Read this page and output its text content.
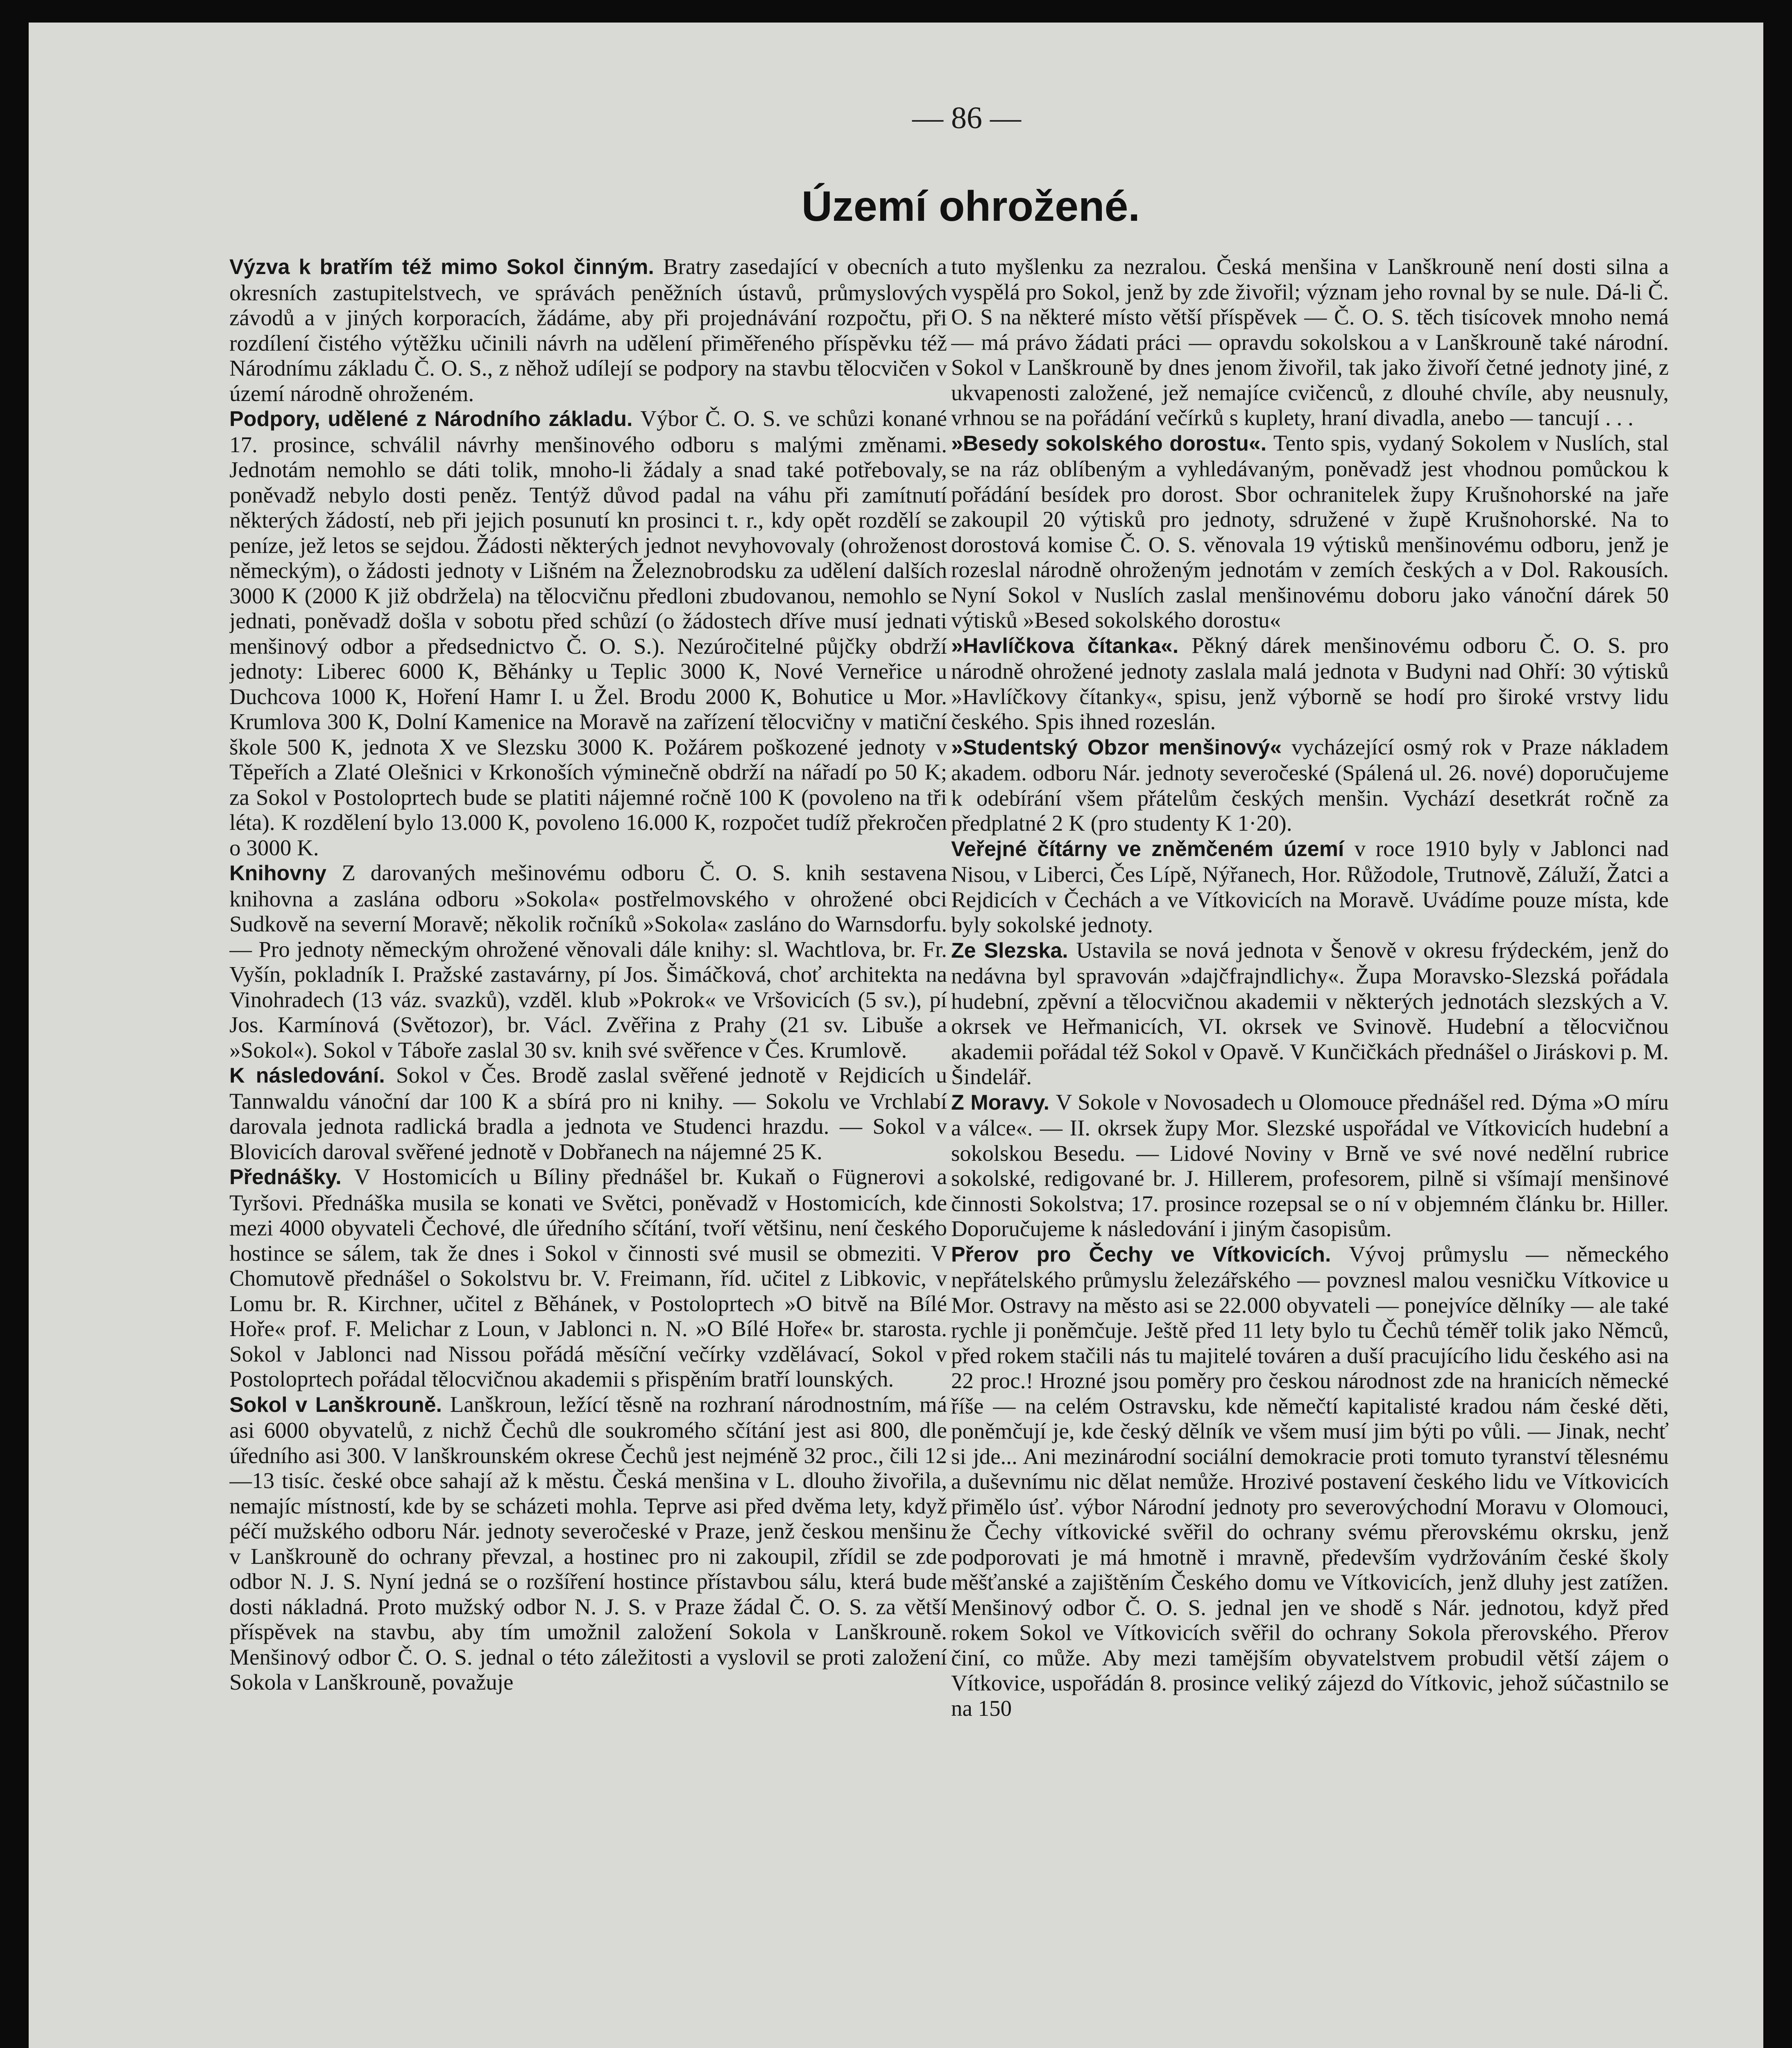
— 86 —
Území ohrožené.

Výzva k bratřím též mimo Sokol činným. Bratry zasedající v obecních a okresních zastupitelstvech, ve správách peněžních ústavů, průmyslových závodů a v jiných korporacích, žádáme, aby při projednávání rozpočtu, při rozdílení čistého výtěžku učinili návrh na udělení přiměřeného příspěvku též Národnímu základu Č. O. S., z něhož udílejí se podpory na stavbu tělocvičen v území národně ohroženém.

Podpory, udělené z Národního základu. Výbor Č. O. S. ve schůzi konané 17. prosince, schválil návrhy menšinového odboru s malými změnami. Jednotám nemohlo se dáti tolik, mnoho-li žádaly a snad také potřebovaly, poněvadž nebylo dosti peněz. Tentýž důvod padal na váhu při zamítnutí některých žádostí, neb při jejich posunutí kn prosinci t. r., kdy opět rozdělí se peníze, jež letos se sejdou. Žádosti některých jednot nevyhovovaly (ohroženost německým), o žádosti jednoty v Lišném na Železnobrodsku za udělení dalších 3000 K (2000 K již obdržela) na tělocvičnu předloni zbudovanou, nemohlo se jednati, poněvadž došla v sobotu před schůzí (o žádostech dříve musí jednati menšinový odbor a předsednictvo Č. O. S.). Nezúročitelné půjčky obdrží jednoty: Liberec 6000 K, Běhánky u Teplic 3000 K, Nové Verneřice u Duchcova 1000 K, Hoření Hamr I. u Žel. Brodu 2000 K, Bohutice u Mor. Krumlova 300 K, Dolní Kamenice na Moravě na zařízení tělocvičny v matiční škole 500 K, jednota X ve Slezsku 3000 K. Požárem poškozené jednoty v Těpeřích a Zlaté Olešnici v Krkonoších výminečně obdrží na nářadí po 50 K; za Sokol v Postoloprtech bude se platiti nájemné ročně 100 K (povoleno na tři léta). K rozdělení bylo 13.000 K, povoleno 16.000 K, rozpočet tudíž překročen o 3000 K.

Knihovny Z darovaných mešinovému odboru Č. O. S. knih sestavena knihovna a zaslána odboru »Sokola« postřelmovského v ohrožené obci Sudkově na severní Moravě; několik ročníků »Sokola« zasláno do Warnsdorfu. — Pro jednoty německým ohrožené věnovali dále knihy: sl. Wachtlova, br. Fr. Vyšín, pokladník I. Pražské zastavárny, pí Jos. Šimáčková, choť architekta na Vinohradech (13 váz. svazků), vzděl. klub »Pokrok« ve Vršovicích (5 sv.), pí Jos. Karmínová (Světozor), br. Václ. Zvěřina z Prahy (21 sv. Libuše a »Sokol«). Sokol v Táboře zaslal 30 sv. knih své svěřence v Čes. Krumlově.

K následování. Sokol v Čes. Brodě zaslal svěřené jednotě v Rejdicích u Tannwaldu vánoční dar 100 K a sbírá pro ni knihy. — Sokolu ve Vrchlabí darovala jednota radlická bradla a jednota ve Studenci hrazdu. — Sokol v Blovicích daroval svěřené jednotě v Dobřanech na nájemné 25 K.

Přednášky. V Hostomicích u Bíliny přednášel br. Kukaň o Fügnerovi a Tyršovi. Přednáška musila se konati ve Světci, poněvadž v Hostomicích, kde mezi 4000 obyvateli Čechové, dle úředního sčítání, tvoří většinu, není českého hostince se sálem, tak že dnes i Sokol v činnosti své musil se obmeziti. V Chomutově přednášel o Sokolstvu br. V. Freimann, říd. učitel z Libkovic, v Lomu br. R. Kirchner, učitel z Běhánek, v Postoloprtech »O bitvě na Bílé Hoře« prof. F. Melichar z Loun, v Jablonci n. N. »O Bílé Hoře« br. starosta. Sokol v Jablonci nad Nissou pořádá měsíční večírky vzdělávací, Sokol v Postoloprtech pořádal tělocvičnou akademii s přispěním bratří lounských.

Sokol v Lanškrouně. Lanškroun, ležící těsně na rozhraní národnostním, má asi 6000 obyvatelů, z nichž Čechů dle soukromého sčítání jest asi 800, dle úředního asi 300. V lanškrounském okrese Čechů jest nejméně 32 proc., čili 12—13 tisíc. české obce sahají až k městu. Česká menšina v L. dlouho živořila, nemajíc místností, kde by se scházeti mohla. Teprve asi před dvěma lety, když péčí mužského odboru Nár. jednoty severočeské v Praze, jenž českou menšinu v Lanškrouně do ochrany převzal, a hostinec pro ni zakoupil, zřídil se zde odbor N. J. S. Nyní jedná se o rozšíření hostince přístavbou sálu, která bude dosti nákladná. Proto mužský odbor N. J. S. v Praze žádal Č. O. S. za větší příspěvek na stavbu, aby tím umožnil založení Sokola v Lanškrouně. Menšinový odbor Č. O. S. jednal o této záležitosti a vyslovil se proti založení Sokola v Lanškrouně, považuje

tuto myšlenku za nezralou. Česká menšina v Lanškrouně není dosti silna a vyspělá pro Sokol, jenž by zde živořil; význam jeho rovnal by se nule. Dá-li Č. O. S na některé místo větší příspěvek — Č. O. S. těch tisícovek mnoho nemá — má právo žádati práci — opravdu sokolskou a v Lanškrouně také národní. Sokol v Lanškrouně by dnes jenom živořil, tak jako živoří četné jednoty jiné, z ukvapenosti založené, jež nemajíce cvičenců, z dlouhé chvíle, aby neusnuly, vrhnou se na pořádání večírků s kuplety, hraní divadla, anebo — tancují . . .

»Besedy sokolského dorostu«. Tento spis, vydaný Sokolem v Nuslích, stal se na ráz oblíbeným a vyhledávaným, poněvadž jest vhodnou pomůckou k pořádání besídek pro dorost. Sbor ochranitelek župy Krušnohorské na jaře zakoupil 20 výtisků pro jednoty, sdružené v župě Krušnohorské. Na to dorostová komise Č. O. S. věnovala 19 výtisků menšinovému odboru, jenž je rozeslal národně ohroženým jednotám v zemích českých a v Dol. Rakousích. Nyní Sokol v Nuslích zaslal menšinovému doboru jako vánoční dárek 50 výtisků »Besed sokolského dorostu«

»Havlíčkova čítanka«. Pěkný dárek menšinovému odboru Č. O. S. pro národně ohrožené jednoty zaslala malá jednota v Budyni nad Ohří: 30 výtisků »Havlíčkovy čítanky«, spisu, jenž výborně se hodí pro široké vrstvy lidu českého. Spis ihned rozeslán.

»Studentský Obzor menšinový« vycházející osmý rok v Praze nákladem akadem. odboru Nár. jednoty severočeské (Spálená ul. 26. nové) doporučujeme k odebírání všem přátelům českých menšin. Vychází desetkrát ročně za předplatné 2 K (pro studenty K 1·20).

Veřejné čítárny ve zněmčeném území v roce 1910 byly v Jablonci nad Nisou, v Liberci, Čes Lípě, Nýřanech, Hor. Růžodole, Trutnově, Záluží, Žatci a Rejdicích v Čechách a ve Vítkovicích na Moravě. Uvádíme pouze místa, kde byly sokolské jednoty.

Ze Slezska. Ustavila se nová jednota v Šenově v okresu frýdeckém, jenž do nedávna byl spravován »dajčfrajndlichy«. Župa Moravsko-Slezská pořádala hudební, zpěvní a tělocvičnou akademii v některých jednotách slezských a V. okrsek ve Heřmanicích, VI. okrsek ve Svinově. Hudební a tělocvičnou akademii pořádal též Sokol v Opavě. V Kunčičkách přednášel o Jiráskovi p. M. Šindelář.

Z Moravy. V Sokole v Novosadech u Olomouce přednášel red. Dýma »O míru a válce«. — II. okrsek župy Mor. Slezské uspořádal ve Vítkovicích hudební a sokolskou Besedu. — Lidové Noviny v Brně ve své nové nedělní rubrice sokolské, redigované br. J. Hillerem, profesorem, pilně si všímají menšinové činnosti Sokolstva; 17. prosince rozepsal se o ní v objemném článku br. Hiller. Doporučujeme k následování i jiným časopisům.

Přerov pro Čechy ve Vítkovicích. Vývoj průmyslu — německého nepřátelského průmyslu železářského — povznesl malou vesničku Vítkovice u Mor. Ostravy na město asi se 22.000 obyvateli — ponejvíce dělníky — ale také rychle ji poněmčuje. Ještě před 11 lety bylo tu Čechů téměř tolik jako Němců, před rokem stačili nás tu majitelé továren a duší pracujícího lidu českého asi na 22 proc.! Hrozné jsou poměry pro českou národnost zde na hranicích německé říše — na celém Ostravsku, kde němečtí kapitalisté kradou nám české děti, poněmčují je, kde český dělník ve všem musí jim býti po vůli. — Jinak, nechť si jde... Ani mezinárodní sociální demokracie proti tomuto tyranství tělesnému a duševnímu nic dělat nemůže. Hrozivé postavení českého lidu ve Vítkovicích přimělo úsť. výbor Národní jednoty pro severovýchodní Moravu v Olomouci, že Čechy vítkovické svěřil do ochrany svému přerovskému okrsku, jenž podporovati je má hmotně i mravně, především vydržováním české školy měšťanské a zajištěním Českého domu ve Vítkovicích, jenž dluhy jest zatížen. Menšinový odbor Č. O. S. jednal jen ve shodě s Nár. jednotou, když před rokem Sokol ve Vítkovicích svěřil do ochrany Sokola přerovského. Přerov činí, co může. Aby mezi tamějším obyvatelstvem probudil větší zájem o Vítkovice, uspořádán 8. prosince veliký zájezd do Vítkovic, jehož súčastnilo se na 150
